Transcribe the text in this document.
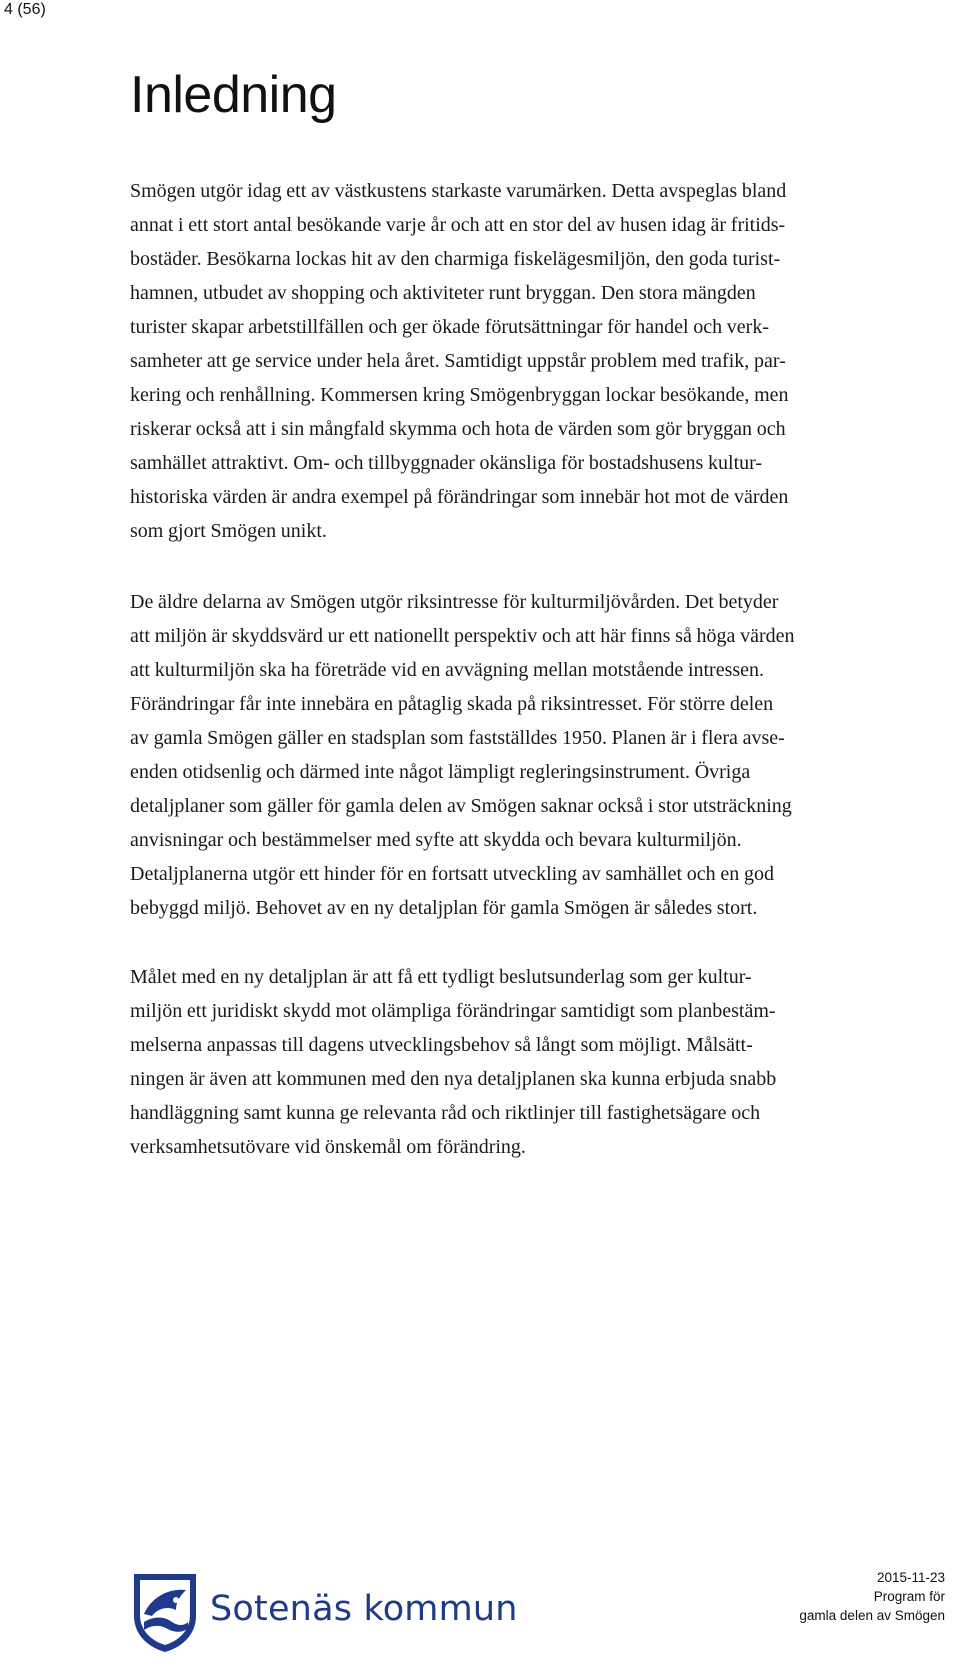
4 (56)
Inledning
Smögen utgör idag ett av västkustens starkaste varumärken. Detta avspeglas bland
annat i ett stort antal besökande varje år och att en stor del av husen idag är fritids-
bostäder. Besökarna lockas hit av den charmiga fiskelägesmiljön, den goda turist-
hamnen, utbudet av shopping och aktiviteter runt bryggan. Den stora mängden
turister skapar arbetstillfällen och ger ökade förutsättningar för handel och verk-
samheter att ge service under hela året. Samtidigt uppstår problem med trafik, par-
kering och renhållning. Kommersen kring Smögenbryggan lockar besökande, men
riskerar också att i sin mångfald skymma och hota de värden som gör bryggan och
samhället attraktivt. Om- och tillbyggnader okänsliga för bostadshusens kultur-
historiska värden är andra exempel på förändringar som innebär hot mot de värden
som gjort Smögen unikt.
De äldre delarna av Smögen utgör riksintresse för kulturmiljövården. Det betyder
att miljön är skyddsvärd ur ett nationellt perspektiv och att här finns så höga värden
att kulturmiljön ska ha företräde vid en avvägning mellan motstående intressen.
Förändringar får inte innebära en påtaglig skada på riksintresset. För större delen
av gamla Smögen gäller en stadsplan som fastställdes 1950. Planen är i flera avse-
enden otidsenlig och därmed inte något lämpligt regleringsinstrument. Övriga
detaljplaner som gäller för gamla delen av Smögen saknar också i stor utsträckning
anvisningar och bestämmelser med syfte att skydda och bevara kulturmiljön.
Detaljplanerna utgör ett hinder för en fortsatt utveckling av samhället och en god
bebyggd miljö. Behovet av en ny detaljplan för gamla Smögen är således stort.
Målet med en ny detaljplan är att få ett tydligt beslutsunderlag som ger kultur-
miljön ett juridiskt skydd mot olämpliga förändringar samtidigt som planbestäm-
melserna anpassas till dagens utvecklingsbehov så långt som möjligt. Målsätt-
ningen är även att kommunen med den nya detaljplanen ska kunna erbjuda snabb
handläggning samt kunna ge relevanta råd och riktlinjer till fastighetsägare och
verksamhetsutövare vid önskemål om förändring.
Sotenäs kommun
2015-11-23
Program för
gamla delen av Smögen
